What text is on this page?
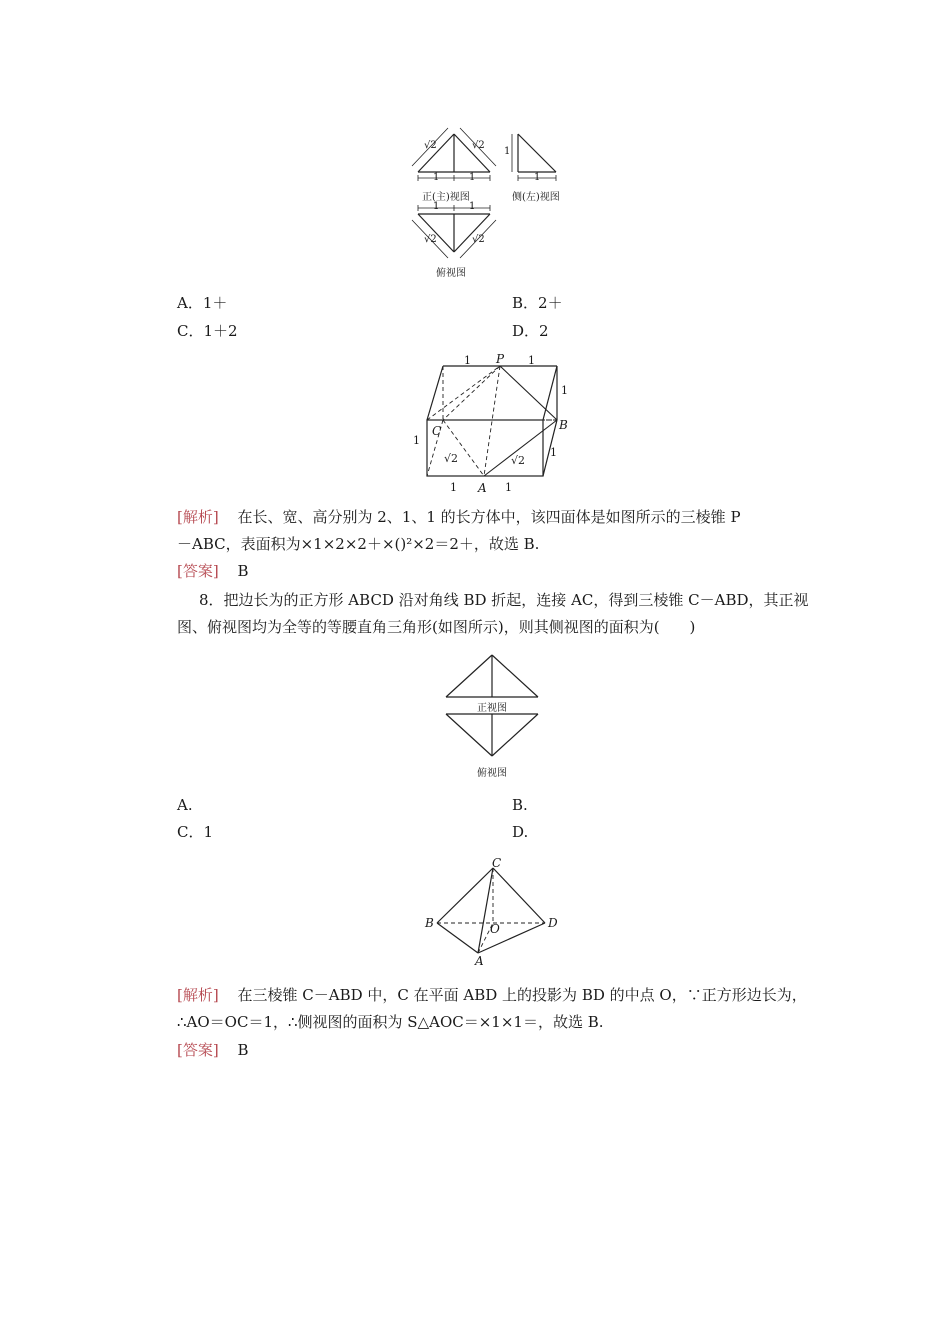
√2	√2
1	1
正(主)视图
1
1
侧(左)视图
1	1
√2	√2
俯视图
A．1＋	B．2＋
C．1＋2	D．2
P
1	1
1
B
C
1
1
√2	√2
1 A 1
[解析] 在长、宽、高分别为 2、1、1 的长方体中，该四面体是如图所示的三棱锥 P
－ABC，表面积为×1×2×2＋×()²×2＝2＋，故选 B.
[答案] B
8．把边长为的正方形 ABCD 沿对角线 BD 折起，连接 AC，得到三棱锥 C－ABD，其正视
图、俯视图均为全等的等腰直角三角形(如图所示)，则其侧视图的面积为(　　)
正视图
俯视图
A.	B.
C．1	D.
C
B	D
O
A
[解析] 在三棱锥 C－ABD 中，C 在平面 ABD 上的投影为 BD 的中点 O，∵正方形边长为，
∴AO＝OC＝1，∴侧视图的面积为 S△AOC＝×1×1＝，故选 B.
[答案] B
